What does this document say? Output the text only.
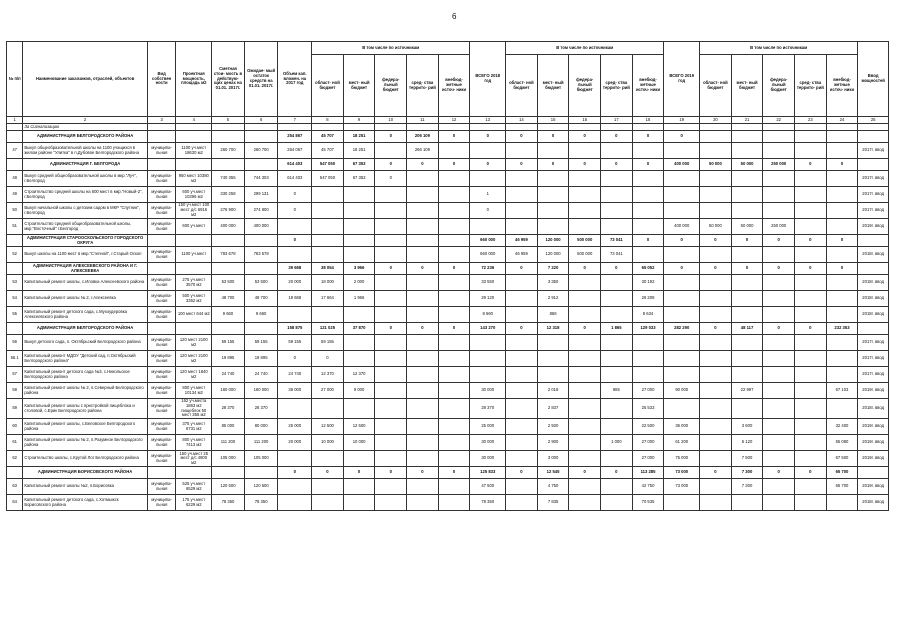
6
№ п/п	Наименование заказчиков, отраслей, объектов	Вид собствен ности	Проектная мощность, площадь м2	Сметная стои- мость в действую- щих ценах на 01.01. 2017г.	Ожидае- мый остаток средств на 01.01. 2017г.	Объем кап. вложен. на 2017 год	В том числе по источникам					ВСЕГО 2018 год	В том числе по источникам					ВСЕГО 2019 год	В том числе по источникам					Ввод мощностей
							област- ной бюджет	мест- ный бюджет	федера- льный бюджет	сред- ства террито- рий	внебюд- жетные источ- ники		област- ной бюджет	мест- ный бюджет	федера- льный бюджет	сред- ства террито- рий	внебюд- жетные источ- ники		област- ной бюджет	мест- ный бюджет	федера- льный бюджет	сред- ства террито- рий	внебюд- жетные источ- ники	
1	2	3	4	5	6	7	8	9	10	11	12	13	14	15	16	17	18	19	20	21	22	23	24	25
	За Сигнализацию																							
	АДМИНИСТРАЦИЯ БЕЛГОРОДСКОГО РАЙОНА					254 867	45 707	18 251	0	206 109	0	0	0	0	0	0	0	0						
47	Выкуп общеобразовательной школы на 1100 учащихся в жилом районе "Улитка" в п.Дубовое Белгородского района	муниципа- льная	1100 уч.мест 18630 м2	260 700	260 700	264 067	45 707	18 251		266 109														2017г. ввод
	АДМИНИСТРАЦИЯ Г. БЕЛГОРОДА					614 403	547 050	67 353	0	0	0	0	0	0	0	0	0	400 000	50 000	50 000	250 000	0	0	
48	Выкуп средней общеобразовательной школы в мкр."Луч", г.Белгород	муниципа- льная	950 мест 10380 м2	740 355	744 303	614 403	547 050	67 353	0															2017г. ввод
49	Строительство средней школы на 600 мест в мкр."Новый-2", г.Белгород	муниципа- льная	600 уч.мест 10396 м2	330 258	299 131	0						1												2017г. ввод
50	Выкуп начальной школы с детским садом в МКР "Спутник", г.Белгород	муниципа- льная	150 уч.мест 100 мест д/с 6916 м2	276 900	274 800	0						0												2017г. ввод
51	Строительство средней общеобразовательной школы, мкр."Восточный" г.Белгород	муниципа- льная	600 уч.мест	400 000	400 000													400 000	50 000	50 000	250 000			2019г. ввод
	АДМИНИСТРАЦИЯ СТАРООСКОЛЬСКОГО ГОРОДСКОГО ОКРУГА					0						660 000	46 959	120 000	500 000	73 041	0	0	0	0	0	0	0	
52	Выкуп школы на 1100 мест в мкр."Степной", г.Старый Оскол	муниципа- льная	1100 уч.мест	783 678	783 578							660 000	46 959	120 000	500 000	73 041								2018г. ввод
	АДМИНИСТРАЦИЯ АЛЕКСЕЕВСКОГО РАЙОНА И Г. АЛЕКСЕЕВКА					39 668	38 054	3 966	0	0	0	72 236	0	7 220	0	0	65 052	0	0	0	0	0	0	
53	Капитальный ремонт школы, с.Иловка Алексеевского района	муниципа- льная	275 уч.мест 3570 м2	53 500	53 500	20 000	18 000	2 000				33 550		3 350			30 192							2018г. ввод
54	Капитальный ремонт школы № 2, г.Алексеевка	муниципа- льная	500 уч.мест 3352 м2	48 700	48 700	19 668	17 664	1 966				29 120		2 912			26 208							2018г. ввод
55	Капитальный ремонт детского сада, с.Мухоудеровка Алексеевского района	муниципа- льная	100 мест 644 м2	9 660	9 660							8 660		866			8 634							2018г. ввод
	АДМИНИСТРАЦИЯ БЕЛГОРОДСКОГО РАЙОНА					158 875	121 025	37 870	0	0	0	143 270	0	12 318	0	1 865	129 033	282 290	0	48 117	0	0	232 353	
56	Выкуп детского сада, п. Октябрьский Белгородского района	муниципа- льная	120 мест 2100 м2	59 155	59 155	59 155	59 155																	2017г. ввод
56.1	Капитальный ремонт МДОУ "Детский сад, п.Октябрьский Белгородского района"	муниципа- льная	120 мест 2100 м2	19 895	19 895	0	0																	2017г. ввод
57	Капитальный ремонт детского сада №3, с.Никольское Белгородского района	муниципа- льная	120 мест 1840 м2	24 740	24 740	24 740	12 370	12 370																2017г. ввод
58	Капитальный ремонт школы № 2, п.Северный Белгородского района	муниципа- льная	800 уч.мест 10134 м2	160 000	160 000	36 000	27 000	9 000				30 000		2 018		985	27 000	90 000		22 997			67 103	2019г. ввод
59	Капитальный ремонт школы с пристройкой пищеблока и столовой, с.Ерик Белгородского района	муниципа- льная	162 уч.места 1863 м2 пищеблок 50 мест 355 м2	28 370	28 370							28 370		2 837			25 533							2018г. ввод
60	Капитальный ремонт школы, с.Беловское Белгородского района	муниципа- льная	375 уч.мест 6731 м2	85 000	80 000	25 000	12 500	12 500				25 000		2 500			22 500	36 000		3 600			32 400	2019г. ввод
61	Капитальный ремонт школы № 2, п.Разумное Белгородского района	муниципа- льная	800 уч.мест 7413 м2	111 200	111 200	20 000	10 000	10 000				30 000		2 900		1 000	27 000	61 200		6 120			55 080	2019г. ввод
62	Строительство школы, с.Крутой Лог Белгородского района	муниципа- льная	150 уч.мест 25 мест д/с 4800 м2	105 000	105 000							30 000		3 000			27 000	75 000		7 500			67 500	2019г. ввод
	АДМИНИСТРАЦИЯ БОРИСОВСКОГО РАЙОНА					0	0	0	0	0	0	125 833	0	12 545	0	0	113 285	73 000	0	7 300	0	0	65 700	
63	Капитальный ремонт школы №2, п.Борисовка	муниципа- льная	525 уч.мест 6529 м2	120 500	120 500							47 500		4 750			42 750	73 000		7 300			65 700	2019г. ввод
64	Капитальный ремонт детского сада, с.Хотмыжск Борисовского района	муниципа- льная	175 уч.мест 6229 м2	78 350	78 350							78 350		7 835			70 535							2018г. ввод
